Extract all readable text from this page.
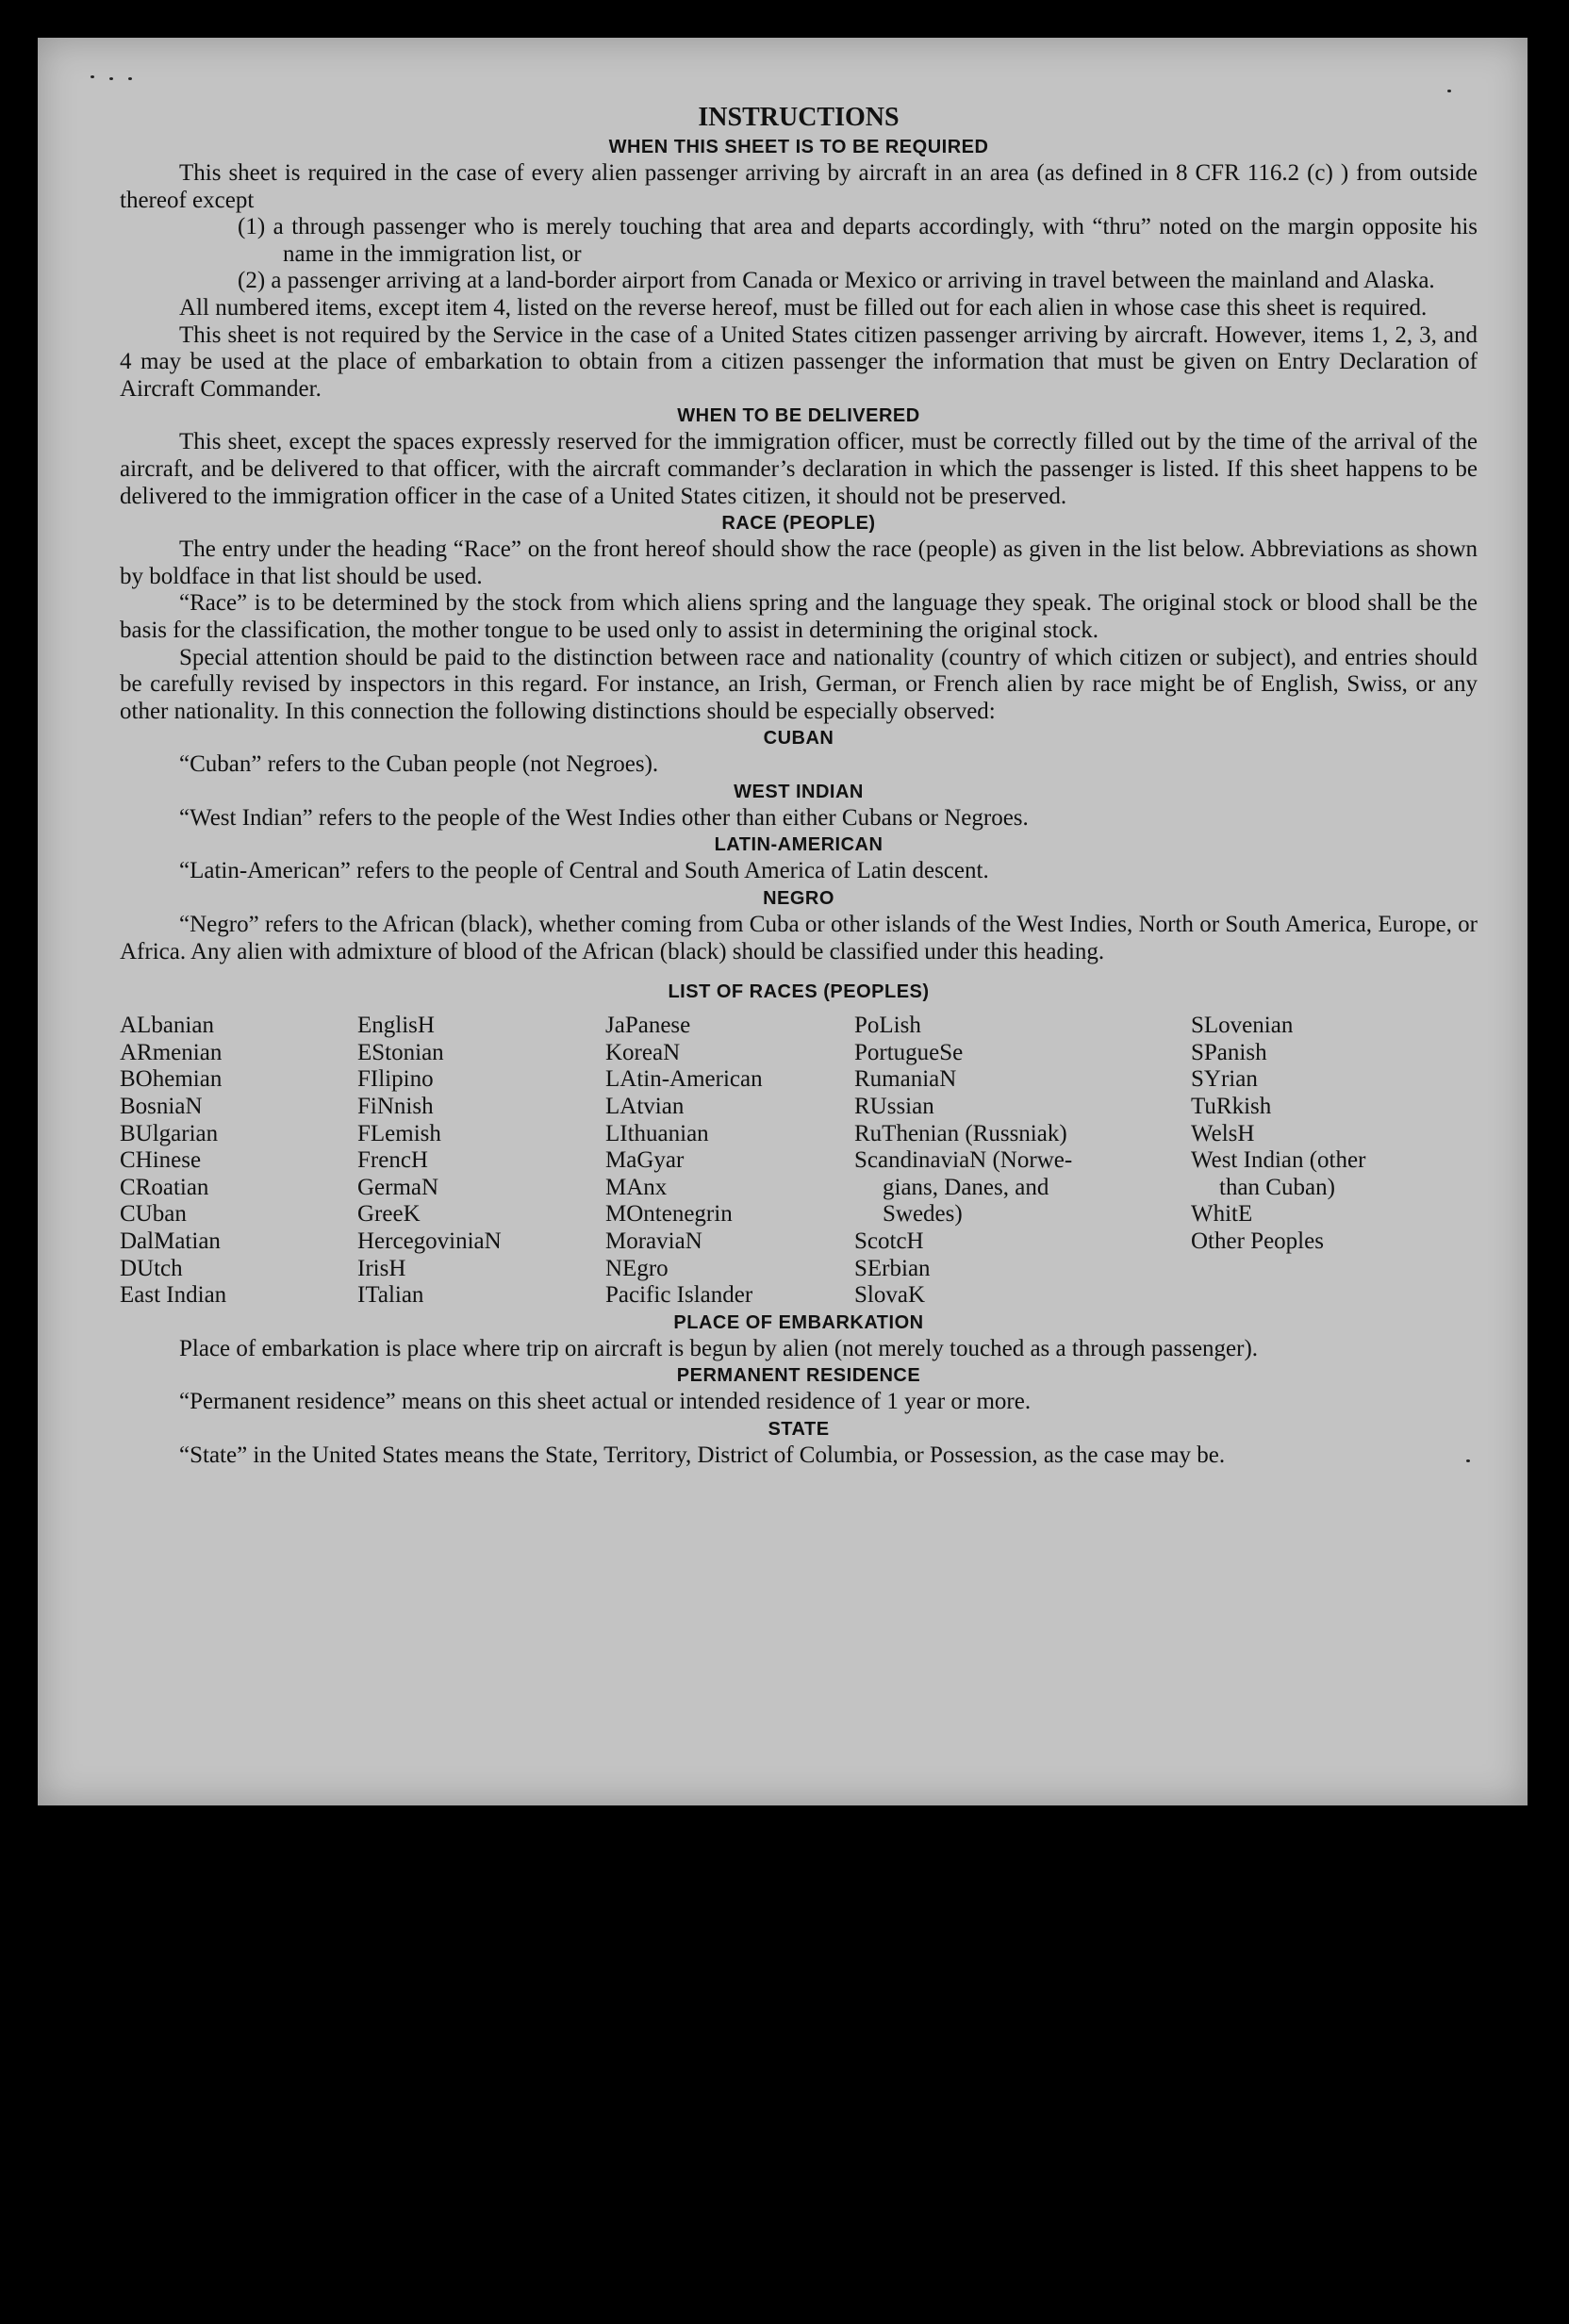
INSTRUCTIONS
WHEN THIS SHEET IS TO BE REQUIRED

This sheet is required in the case of every alien passenger arriving by aircraft in an area (as defined in 8 CFR 116.2 (c) ) from outside thereof except

(1) a through passenger who is merely touching that area and departs accordingly, with “thru” noted on the margin opposite his name in the immigration list, or

(2) a passenger arriving at a land-border airport from Canada or Mexico or arriving in travel between the mainland and Alaska.

All numbered items, except item 4, listed on the reverse hereof, must be filled out for each alien in whose case this sheet is required.

This sheet is not required by the Service in the case of a United States citizen passenger arriving by aircraft. However, items 1, 2, 3, and 4 may be used at the place of embarkation to obtain from a citizen passenger the information that must be given on Entry Declaration of Aircraft Commander.

WHEN TO BE DELIVERED

This sheet, except the spaces expressly reserved for the immigration officer, must be correctly filled out by the time of the arrival of the aircraft, and be delivered to that officer, with the aircraft commander’s declaration in which the passenger is listed. If this sheet happens to be delivered to the immigration officer in the case of a United States citizen, it should not be preserved.

RACE (PEOPLE)

The entry under the heading “Race” on the front hereof should show the race (people) as given in the list below. Abbreviations as shown by boldface in that list should be used.

“Race” is to be determined by the stock from which aliens spring and the language they speak. The original stock or blood shall be the basis for the classification, the mother tongue to be used only to assist in determining the original stock.

Special attention should be paid to the distinction between race and nationality (country of which citizen or subject), and entries should be carefully revised by inspectors in this regard. For instance, an Irish, German, or French alien by race might be of English, Swiss, or any other nationality. In this connection the following distinctions should be especially observed:

CUBAN

“Cuban” refers to the Cuban people (not Negroes).

WEST INDIAN

“West Indian” refers to the people of the West Indies other than either Cubans or Negroes.

LATIN-AMERICAN

“Latin-American” refers to the people of Central and South America of Latin descent.

NEGRO

“Negro” refers to the African (black), whether coming from Cuba or other islands of the West Indies, North or South America, Europe, or Africa. Any alien with admixture of blood of the African (black) should be classified under this heading.

LIST OF RACES (PEOPLES)
ALbanian
ARmenian
BOhemian
BosniaN
BUlgarian
CHinese
CRoatian
CUban
DalMatian
DUtch
East Indian
EnglisH
EStonian
FIlipino
FiNnish
FLemish
FrencH
GermaN
GreeK
HercegovinіaN
IrisH
ITalian
JaPanese
KoreaN
LAtin-American
LAtvian
LIthuanian
MaGyar
MAnx
MOntenegrin
MoraviaN
NEgro
Pacific Islander
PoLish
PortugueSe
RumaniaN
RUssian
RuThenian (Russniak)
ScandinaviaN (Norwe-
gians, Danes, and
Swedes)
ScotcH
SErbian
SlovaK
SLovenian
SPanish
SYrian
TuRkish
WelsH
West Indian (other
than Cuban)
WhitE
Other Peoples
PLACE OF EMBARKATION

Place of embarkation is place where trip on aircraft is begun by alien (not merely touched as a through passenger).

PERMANENT RESIDENCE

“Permanent residence” means on this sheet actual or intended residence of 1 year or more.

STATE

“State” in the United States means the State, Territory, District of Columbia, or Possession, as the case may be.
